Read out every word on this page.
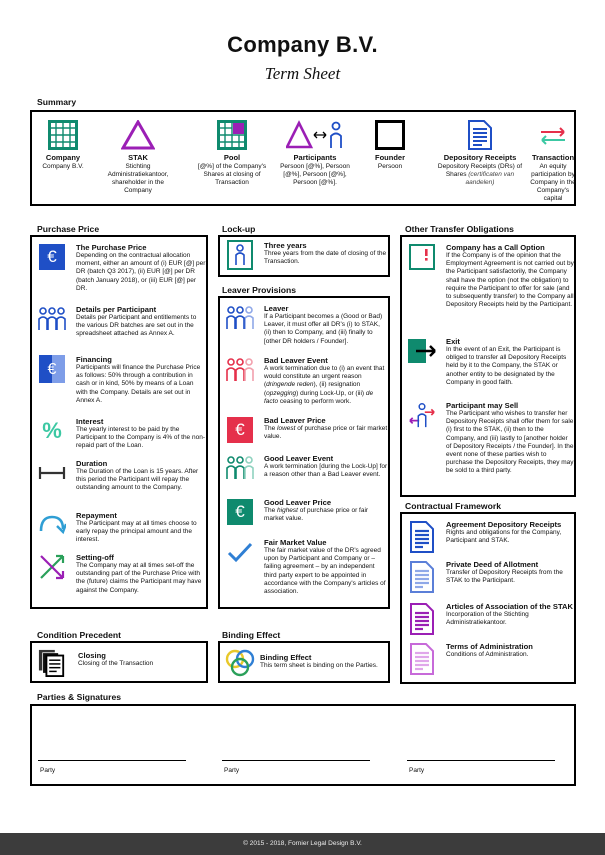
Company B.V.
Term Sheet
Summary
Company
Company B.V.
STAK
Stichting Administratiekantoor, shareholder in the Company
Pool
[@%] of the Company's Shares at closing of Transaction
Participants
Persoon [@%], Persoon [@%], Persoon [@%], Persoon [@%].
Founder
Persoon
Depository Receipts
Depository Receipts (DRs) of Shares (certificaten van aandelen)
Transaction
An equity participation by Company in the Company's capital
Purchase Price
€	The Purchase Price
Depending on the contractual allocation moment, either an amount of (i) EUR [@] per DR (batch Q3 2017), (ii) EUR [@] per DR (batch January 2018), or (iii) EUR [@] per DR.
Details per Participant
Details per Participant and entitlements to the various DR batches are set out in the spreadsheet attached as Annex A.
€
Financing
Participants will finance the Purchase Price as follows: 50% through a contribution in cash or in kind, 50% by means of a Loan with the Company. Details are set out in Annex A.
%	Interest
The yearly interest to be paid by the Participant to the Company is 4% of the non-repaid part of the Loan.
Duration
The Duration of the Loan is 15 years. After this period the Participant will repay the outstanding amount to the Company.
Repayment
The Participant may at all times choose to early repay the principal amount and the interest.
Setting-off
The Company may at all times set-off the outstanding part of the Purchase Price with the (future) claims the Participant may have against the Company.
Lock-up
Three years
Three years from the date of closing of the Transaction.
Leaver Provisions
Leaver
If a Participant becomes a (Good or Bad) Leaver, it must offer all DR's (i) to STAK, (ii) then to Company, and (iii) finally to [other DR holders / Founder].
Bad Leaver Event
A work termination due to (i) an event that would constitute an urgent reason (dringende reden), (ii) resignation (opzegging) during Lock-Up, or (iii) de facto ceasing to perform work.
€	Bad Leaver Price
The lowest of purchase price or fair market value.
Good Leaver Event
A work termination [during the Lock-Up] for a reason other than a Bad Leaver event.
€	Good Leaver Price
The highest of purchase price or fair market value.
Fair Market Value
The fair market value of the DR's agreed upon by Participant and Company or – failing agreement – by an independent third party expert to be appointed in accordance with the Company's articles of association.
Other Transfer Obligations
Company has a Call Option
If the Company is of the opinion that the Employment Agreement is not carried out by the Participant satisfactorily, the Company shall have the option (not the obligation) to require the Participant to offer for sale (and to subsequently transfer) to the Company all Depository Receipts held by the Participant.
Exit
In the event of an Exit, the Participant is obliged to transfer all Depository Receipts held by it to the Company, the STAK or another entity to be designated by the Company in good faith.
Participant may Sell
The Participant who wishes to transfer her Depository Receipts shall offer them for sale (i) first to the STAK, (ii) then to the Company, and (iii) lastly to [another holder of Depository Receipts / the Founder]. In the event none of these parties wish to purchase the Depository Receipts, they may be sold to a third party.
Contractual Framework
Agreement Depository Receipts
Rights and obligations for the Company, Participant and STAK.
Private Deed of Allotment
Transfer of Depository Receipts from the STAK to the Participant.
Articles of Association of the STAK
Incorporation of the Stichting Administratiekantoor.
Terms of Administration
Conditions of Administration.
Condition Precedent
Closing
Closing of the Transaction
Binding Effect
Binding Effect
This term sheet is binding on the Parties.
Parties & Signatures
Party	Party	Party
© 2015 - 2018, Fornier Legal Design B.V.
